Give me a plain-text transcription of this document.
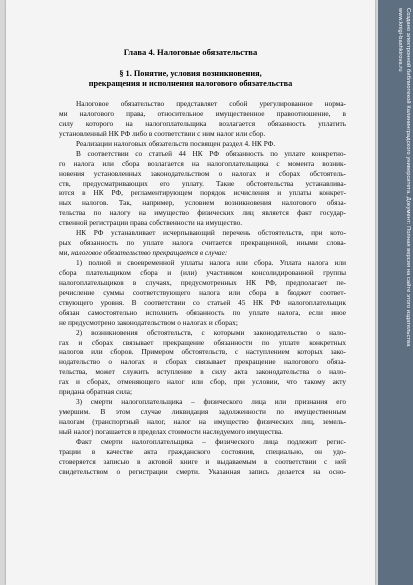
Глава 4. Налоговые обязательства
§ 1. Понятие, условия возникновения,
прекращения и исполнения налогового обязательства
Налоговое обязательство представляет собой урегулированное норма-
ми налогового права, относительное имущественное правоотношение, в
силу которого на налогоплательщика возлагается обязанность уплатить
установленный НК РФ либо в соответствии с ним налог или сбор.
Реализации налоговых обязательств посвящен раздел 4. НК РФ.
В соответствии со статьей 44 НК РФ обязанность по уплате конкретно-
го налога или сбора возлагается на налогоплательщика с момента возник-
новения установленных законодательством о налогах и сборах обстоятель-
ств, предусматривающих его уплату. Такие обстоятельства устанавлива-
ются в НК РФ, регламентирующем порядок исчисления и уплаты конкрет-
ных налогов. Так, например, условием возникновения налогового обяза-
тельства по налогу на имущество физических лиц является факт государ-
ственной регистрации права собственности на имущество.
НК РФ устанавливает исчерпывающий перечень обстоятельств, при кото-
рых обязанность по уплате налога считается прекращенной, иными слова-
ми, налоговое обязательство прекращается в случае:
1) полной и своевременной уплаты налога или сбора. Уплата налога или
сбора плательщиком сбора и (или) участником консолидированной группы
налогоплательщиков в случаях, предусмотренных НК РФ, предполагает пе-
речисление суммы соответствующего налога или сбора в бюджет соответ-
ствующего уровня. В соответствии со статьей 45 НК РФ налогоплательщик
обязан самостоятельно исполнить обязанность по уплате налога, если иное
не предусмотрено законодательством о налогах и сборах;
2) возникновения обстоятельств, с которыми законодательство о нало-
гах и сборах связывает прекращение обязанности по уплате конкретных
налогов или сборов. Примером обстоятельств, с наступлением которых зако-
нодательство о налогах и сборах связывает прекращение налогового обяза-
тельства, может служить вступление в силу акта законодательства о нало-
гах и сборах, отменяющего налог или сбор, при условии, что такому акту
придана обратная сила;
3) смерти налогоплательщика – физического лица или признания его
умершим. В этом случае ликвидация задолженности по имущественным
налогам (транспортный налог, налог на имущество физических лиц, земель-
ный налог) погашается в пределах стоимости наследуемого имущества.
Факт смерти налогоплательщика – физического лица подлежит регис-
трации в качестве акта гражданского состояния, специально, он удо-
стоверяется записью в актовой книге и выдаваемым в соответствии с ней
свидетельством о регистрации смерти. Указанная запись делается на осно-
Создано электронной библиотекой Калининградского университета. Документ: Полная версия на сайте этого издательства
www.knigi-bashkirova.ru
